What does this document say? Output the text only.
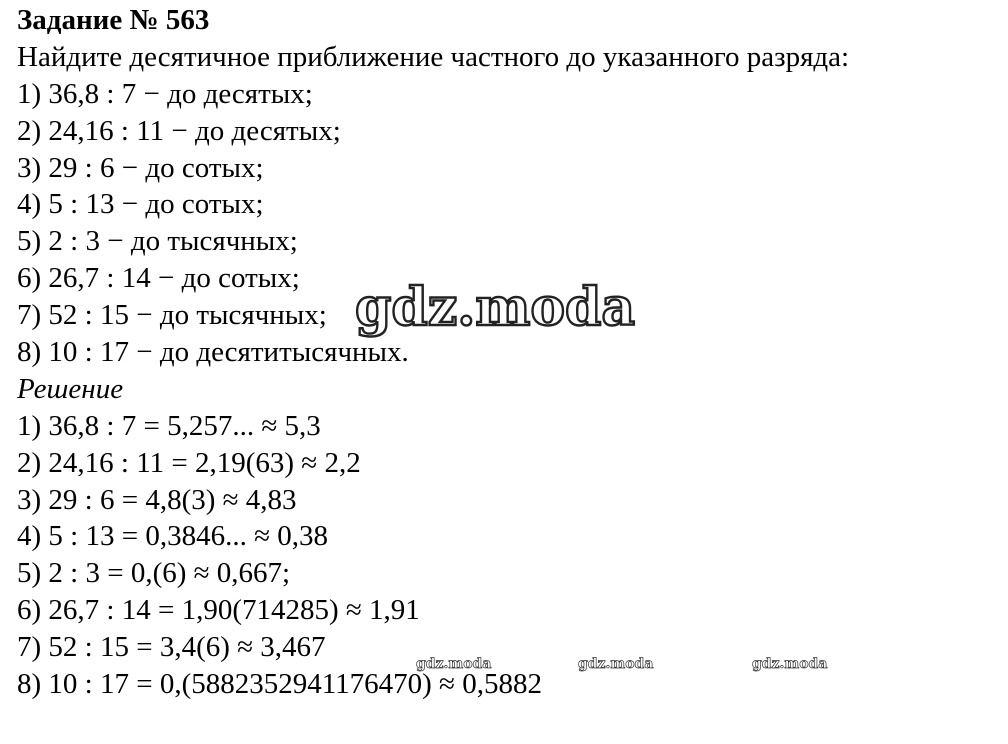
Задание № 563
Найдите десятичное приближение частного до указанного разряда:
1) 36,8 : 7 − до десятых;
2) 24,16 : 11 − до десятых;
3) 29 : 6 − до сотых;
4) 5 : 13 − до сотых;
5) 2 : 3 − до тысячных;
6) 26,7 : 14 − до сотых;
7) 52 : 15 − до тысячных;
8) 10 : 17 − до десятитысячных.
Решение
1) 36,8 : 7 = 5,257... ≈ 5,3
2) 24,16 : 11 = 2,19(63) ≈ 2,2
3) 29 : 6 = 4,8(3) ≈ 4,83
4) 5 : 13 = 0,3846... ≈ 0,38
5) 2 : 3 = 0,(6) ≈ 0,667;
6) 26,7 : 14 = 1,90(714285) ≈ 1,91
7) 52 : 15 = 3,4(6) ≈ 3,467
8) 10 : 17 = 0,(5882352941176470) ≈ 0,5882
gdz.moda
gdz.moda	gdz.moda	gdz.moda
